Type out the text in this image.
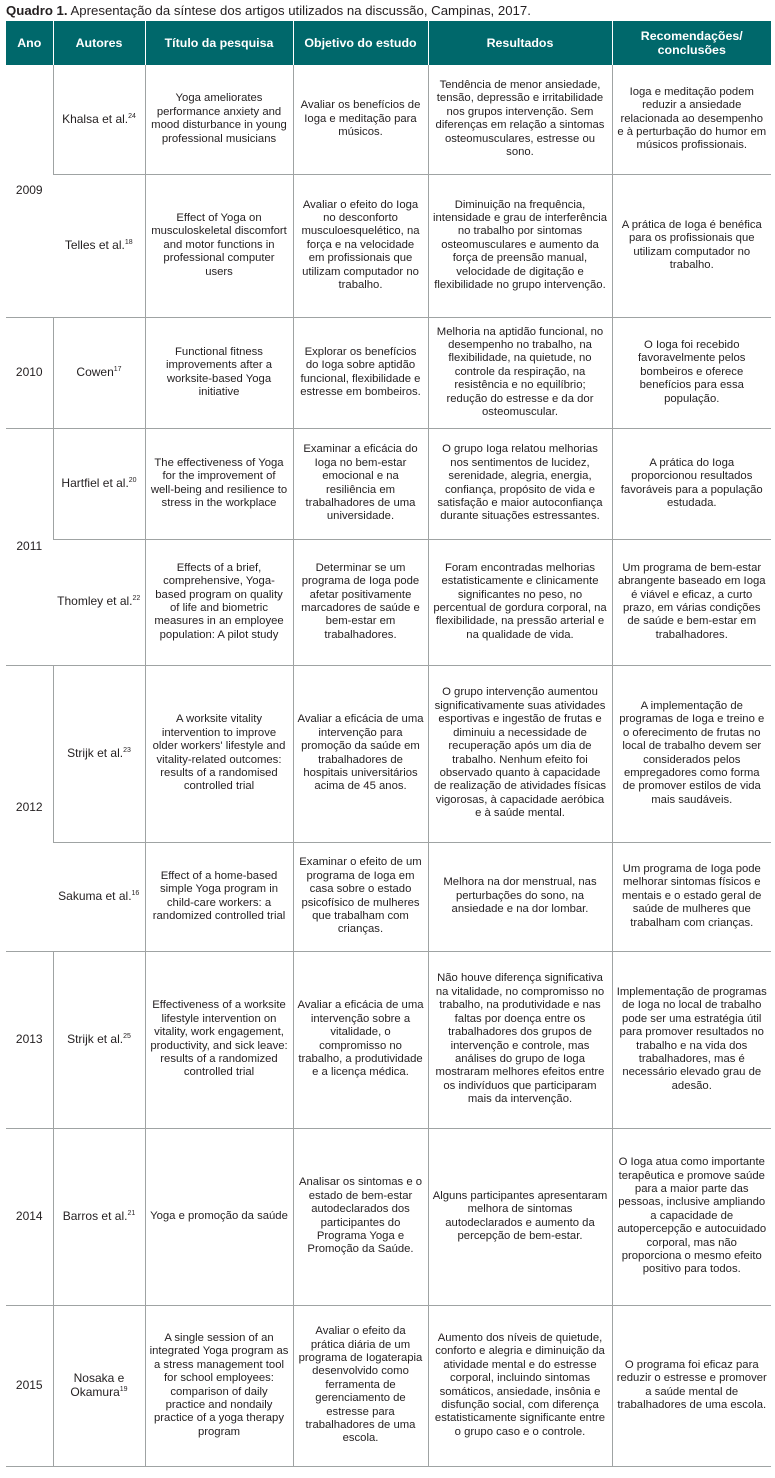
Quadro 1. Apresentação da síntese dos artigos utilizados na discussão, Campinas, 2017.
Ano	Autores	Título da pesquisa	Objetivo do estudo	Resultados	Recomendações/ conclusões
2009	Khalsa et al.$^{24}$	Yoga ameliorates performance anxiety and mood disturbance in young professional musicians	Avaliar os benefícios de Ioga e meditação para músicos.	Tendência de menor ansiedade, tensão, depressão e irritabilidade nos grupos intervenção. Sem diferenças em relação a sintomas osteomusculares, estresse ou sono.	Ioga e meditação podem reduzir a ansiedade relacionada ao desempenho e à perturbação do humor em músicos profissionais.
	Telles et al.$^{18}$	Effect of Yoga on musculoskeletal discomfort and motor functions in professional computer users	Avaliar o efeito do Ioga no desconforto musculoesquelético, na força e na velocidade em profissionais que utilizam computador no trabalho.	Diminuição na frequência, intensidade e grau de interferência no trabalho por sintomas osteomusculares e aumento da força de preensão manual, velocidade de digitação e flexibilidade no grupo intervenção.	A prática de Ioga é benéfica para os profissionais que utilizam computador no trabalho.
2010	Cowen$^{17}$	Functional fitness improvements after a worksite-based Yoga initiative	Explorar os benefícios do Ioga sobre aptidão funcional, flexibilidade e estresse em bombeiros.	Melhoria na aptidão funcional, no desempenho no trabalho, na flexibilidade, na quietude, no controle da respiração, na resistência e no equilíbrio; redução do estresse e da dor osteomuscular.	O Ioga foi recebido favoravelmente pelos bombeiros e oferece benefícios para essa população.
2011	Hartfiel et al.$^{20}$	The effectiveness of Yoga for the improvement of well-being and resilience to stress in the workplace	Examinar a eficácia do Ioga no bem-estar emocional e na resiliência em trabalhadores de uma universidade.	O grupo Ioga relatou melhorias nos sentimentos de lucidez, serenidade, alegria, energia, confiança, propósito de vida e satisfação e maior autoconfiança durante situações estressantes.	A prática do Ioga proporcionou resultados favoráveis para a população estudada.
	Thomley et al.$^{22}$	Effects of a brief, comprehensive, Yoga-based program on quality of life and biometric measures in an employee population: A pilot study	Determinar se um programa de Ioga pode afetar positivamente marcadores de saúde e bem-estar em trabalhadores.	Foram encontradas melhorias estatisticamente e clinicamente significantes no peso, no percentual de gordura corporal, na flexibilidade, na pressão arterial e na qualidade de vida.	Um programa de bem-estar abrangente baseado em Ioga é viável e eficaz, a curto prazo, em várias condições de saúde e bem-estar em trabalhadores.
2012	Strijk et al.$^{23}$	A worksite vitality intervention to improve older workers' lifestyle and vitality-related outcomes: results of a randomised controlled trial	Avaliar a eficácia de uma intervenção para promoção da saúde em trabalhadores de hospitais universitários acima de 45 anos.	O grupo intervenção aumentou significativamente suas atividades esportivas e ingestão de frutas e diminuiu a necessidade de recuperação após um dia de trabalho. Nenhum efeito foi observado quanto à capacidade de realização de atividades físicas vigorosas, à capacidade aeróbica e à saúde mental.	A implementação de programas de Ioga e treino e o oferecimento de frutas no local de trabalho devem ser considerados pelos empregadores como forma de promover estilos de vida mais saudáveis.
	Sakuma et al.$^{16}$	Effect of a home-based simple Yoga program in child-care workers: a randomized controlled trial	Examinar o efeito de um programa de Ioga em casa sobre o estado psicofísico de mulheres que trabalham com crianças.	Melhora na dor menstrual, nas perturbações do sono, na ansiedade e na dor lombar.	Um programa de Ioga pode melhorar sintomas físicos e mentais e o estado geral de saúde de mulheres que trabalham com crianças.
2013	Strijk et al.$^{25}$	Effectiveness of a worksite lifestyle intervention on vitality, work engagement, productivity, and sick leave: results of a randomized controlled trial	Avaliar a eficácia de uma intervenção sobre a vitalidade, o compromisso no trabalho, a produtividade e a licença médica.	Não houve diferença significativa na vitalidade, no compromisso no trabalho, na produtividade e nas faltas por doença entre os trabalhadores dos grupos de intervenção e controle, mas análises do grupo de Ioga mostraram melhores efeitos entre os indivíduos que participaram mais da intervenção.	Implementação de programas de Ioga no local de trabalho pode ser uma estratégia útil para promover resultados no trabalho e na vida dos trabalhadores, mas é necessário elevado grau de adesão.
2014	Barros et al.$^{21}$	Yoga e promoção da saúde	Analisar os sintomas e o estado de bem-estar autodeclarados dos participantes do Programa Yoga e Promoção da Saúde.	Alguns participantes apresentaram melhora de sintomas autodeclarados e aumento da percepção de bem-estar.	O Ioga atua como importante terapêutica e promove saúde para a maior parte das pessoas, inclusive ampliando a capacidade de autopercepção e autocuidado corporal, mas não proporciona o mesmo efeito positivo para todos.
2015	Nosaka e Okamura$^{19}$	A single session of an integrated Yoga program as a stress management tool for school employees: comparison of daily practice and nondaily practice of a yoga therapy program	Avaliar o efeito da prática diária de um programa de Iogaterapia desenvolvido como ferramenta de gerenciamento de estresse para trabalhadores de uma escola.	Aumento dos níveis de quietude, conforto e alegria e diminuição da atividade mental e do estresse corporal, incluindo sintomas somáticos, ansiedade, insônia e disfunção social, com diferença estatisticamente significante entre o grupo caso e o controle.	O programa foi eficaz para reduzir o estresse e promover a saúde mental de trabalhadores de uma escola.
